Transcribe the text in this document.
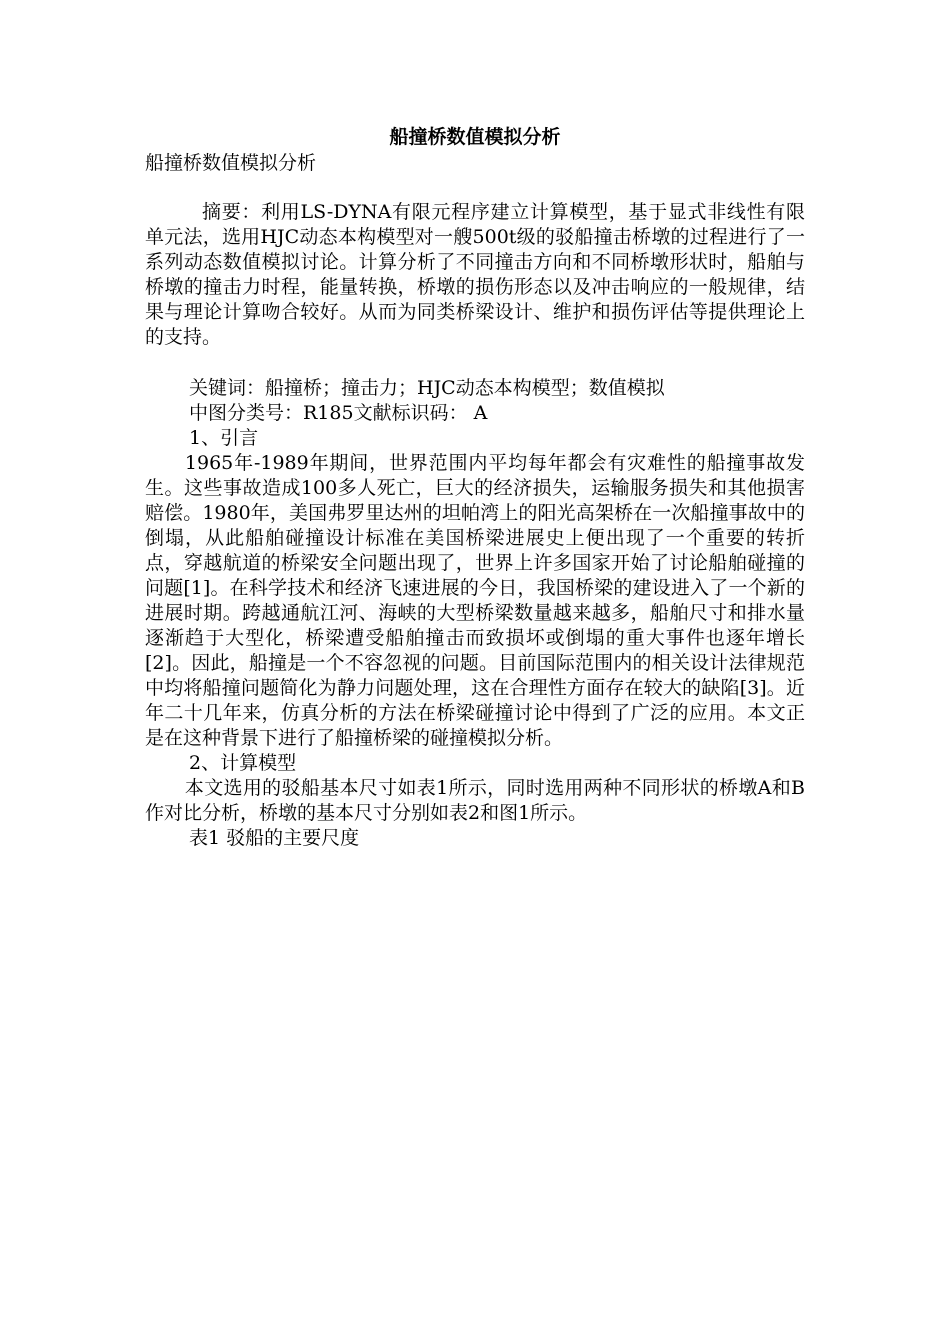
船撞桥数值模拟分析

船撞桥数值模拟分析

摘要：利用LS-DYNA有限元程序建立计算模型，基于显式非线性有限单元法，选用HJC动态本构模型对一艘500t级的驳船撞击桥墩的过程进行了一系列动态数值模拟讨论。计算分析了不同撞击方向和不同桥墩形状时，船舶与桥墩的撞击力时程，能量转换，桥墩的损伤形态以及冲击响应的一般规律，结果与理论计算吻合较好。从而为同类桥梁设计、维护和损伤评估等提供理论上的支持。

关键词：船撞桥；撞击力；HJC动态本构模型；数值模拟

中图分类号：R185文献标识码： A

1、引言

1965年-1989年期间，世界范围内平均每年都会有灾难性的船撞事故发生。这些事故造成100多人死亡，巨大的经济损失，运输服务损失和其他损害赔偿。1980年，美国弗罗里达州的坦帕湾上的阳光高架桥在一次船撞事故中的倒塌，从此船舶碰撞设计标准在美国桥梁进展史上便出现了一个重要的转折点，穿越航道的桥梁安全问题出现了，世界上许多国家开始了讨论船舶碰撞的问题[1]。在科学技术和经济飞速进展的今日，我国桥梁的建设进入了一个新的进展时期。跨越通航江河、海峡的大型桥梁数量越来越多，船舶尺寸和排水量逐渐趋于大型化，桥梁遭受船舶撞击而致损坏或倒塌的重大事件也逐年增长[2]。因此，船撞是一个不容忽视的问题。目前国际范围内的相关设计法律规范中均将船撞问题简化为静力问题处理，这在合理性方面存在较大的缺陷[3]。近年二十几年来，仿真分析的方法在桥梁碰撞讨论中得到了广泛的应用。本文正是在这种背景下进行了船撞桥梁的碰撞模拟分析。

2、计算模型

本文选用的驳船基本尺寸如表1所示，同时选用两种不同形状的桥墩A和B作对比分析，桥墩的基本尺寸分别如表2和图1所示。

表1 驳船的主要尺度
